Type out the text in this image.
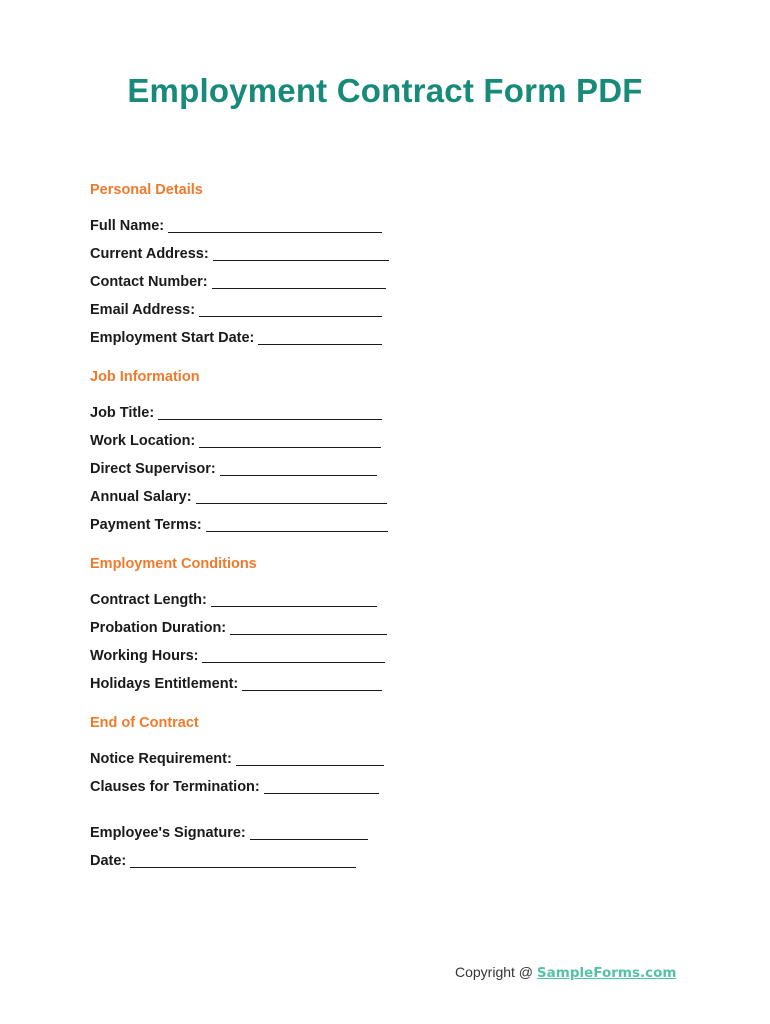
Employment Contract Form PDF
Personal Details
Full Name:
Current Address:
Contact Number:
Email Address:
Employment Start Date:
Job Information
Job Title:
Work Location:
Direct Supervisor:
Annual Salary:
Payment Terms:
Employment Conditions
Contract Length:
Probation Duration:
Working Hours:
Holidays Entitlement:
End of Contract
Notice Requirement:
Clauses for Termination:
Employee's Signature:
Date:
Copyright @ SampleForms.com
